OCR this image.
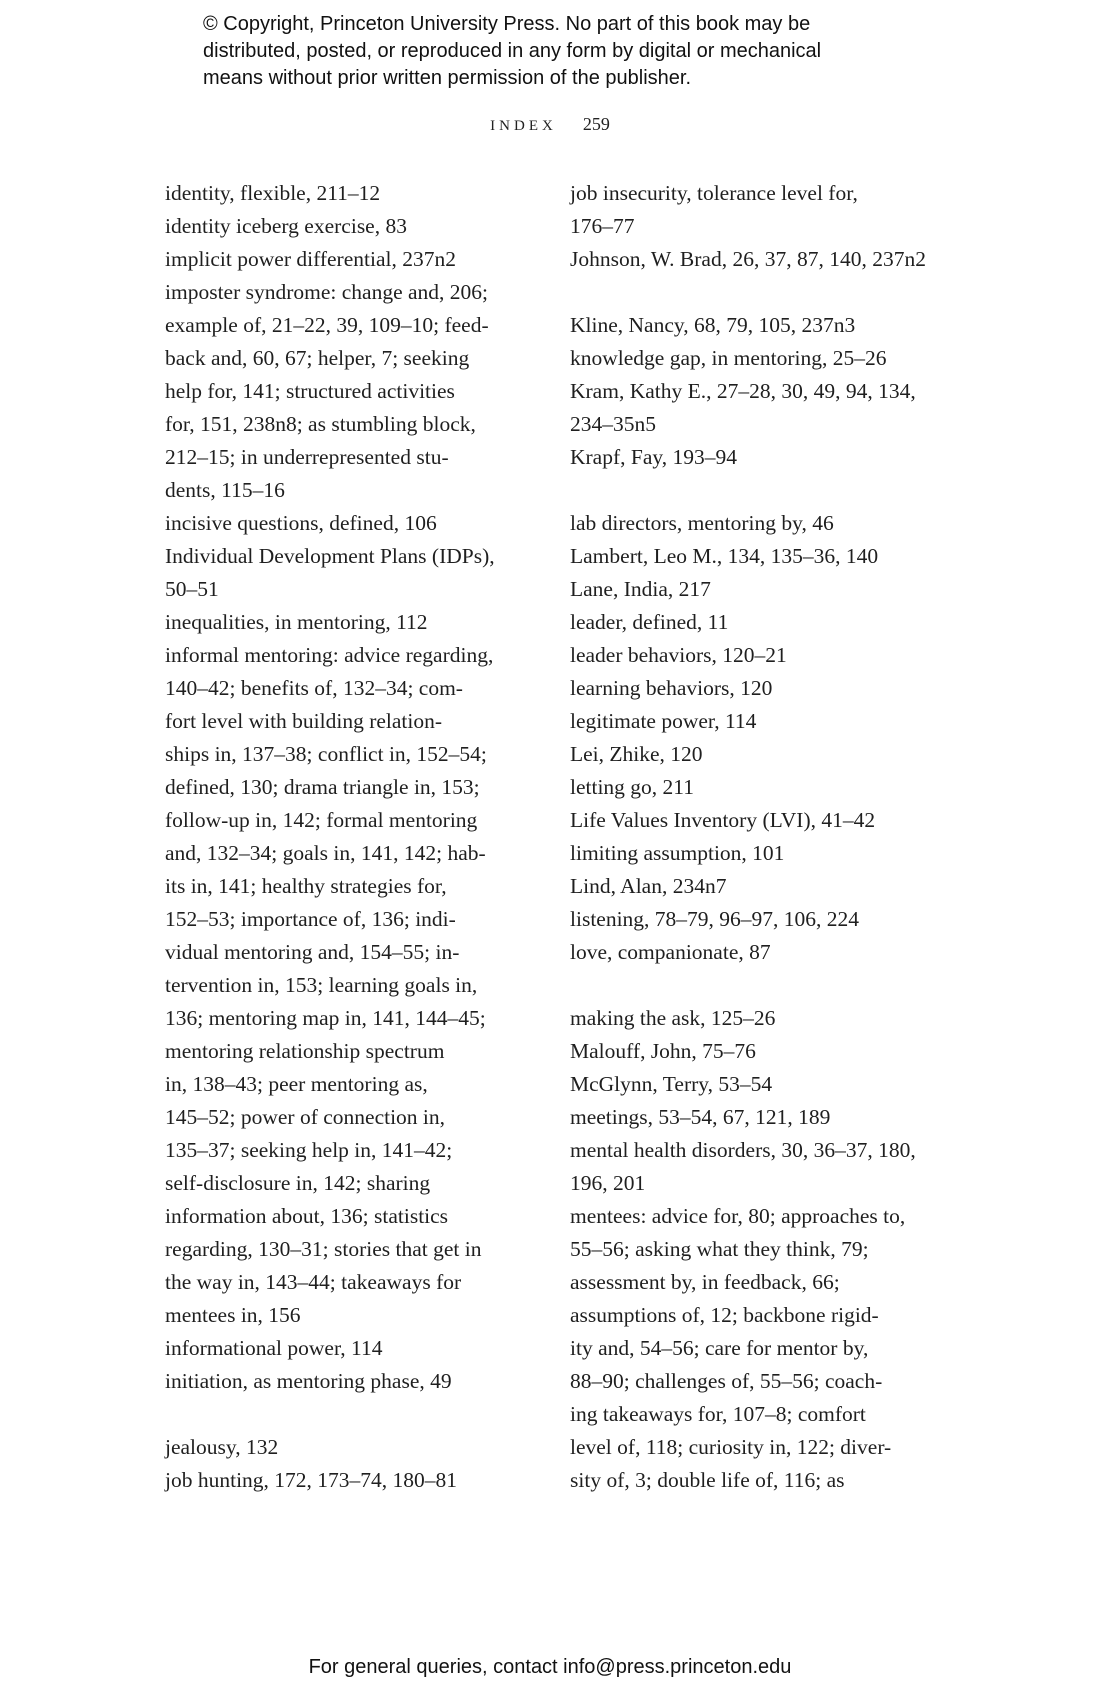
© Copyright, Princeton University Press. No part of this book may be
distributed, posted, or reproduced in any form by digital or mechanical
means without prior written permission of the publisher.
INDEX 259
identity, flexible, 211–12
identity iceberg exercise, 83
implicit power differential, 237n2
imposter syndrome: change and, 206;
example of, 21–22, 39, 109–10; feed-
back and, 60, 67; helper, 7; seeking
help for, 141; structured activities
for, 151, 238n8; as stumbling block,
212–15; in underrepresented stu-
dents, 115–16
incisive questions, defined, 106
Individual Development Plans (IDPs),
50–51
inequalities, in mentoring, 112
informal mentoring: advice regarding,
140–42; benefits of, 132–34; com-
fort level with building relation-
ships in, 137–38; conflict in, 152–54;
defined, 130; drama triangle in, 153;
follow-up in, 142; formal mentoring
and, 132–34; goals in, 141, 142; hab-
its in, 141; healthy strategies for,
152–53; importance of, 136; indi-
vidual mentoring and, 154–55; in-
tervention in, 153; learning goals in,
136; mentoring map in, 141, 144–45;
mentoring relationship spectrum
in, 138–43; peer mentoring as,
145–52; power of connection in,
135–37; seeking help in, 141–42;
self-disclosure in, 142; sharing
information about, 136; statistics
regarding, 130–31; stories that get in
the way in, 143–44; takeaways for
mentees in, 156
informational power, 114
initiation, as mentoring phase, 49
jealousy, 132
job hunting, 172, 173–74, 180–81
job insecurity, tolerance level for,
176–77
Johnson, W. Brad, 26, 37, 87, 140, 237n2
Kline, Nancy, 68, 79, 105, 237n3
knowledge gap, in mentoring, 25–26
Kram, Kathy E., 27–28, 30, 49, 94, 134,
234–35n5
Krapf, Fay, 193–94
lab directors, mentoring by, 46
Lambert, Leo M., 134, 135–36, 140
Lane, India, 217
leader, defined, 11
leader behaviors, 120–21
learning behaviors, 120
legitimate power, 114
Lei, Zhike, 120
letting go, 211
Life Values Inventory (LVI), 41–42
limiting assumption, 101
Lind, Alan, 234n7
listening, 78–79, 96–97, 106, 224
love, companionate, 87
making the ask, 125–26
Malouff, John, 75–76
McGlynn, Terry, 53–54
meetings, 53–54, 67, 121, 189
mental health disorders, 30, 36–37, 180,
196, 201
mentees: advice for, 80; approaches to,
55–56; asking what they think, 79;
assessment by, in feedback, 66;
assumptions of, 12; backbone rigid-
ity and, 54–56; care for mentor by,
88–90; challenges of, 55–56; coach-
ing takeaways for, 107–8; comfort
level of, 118; curiosity in, 122; diver-
sity of, 3; double life of, 116; as
For general queries, contact info@press.princeton.edu
